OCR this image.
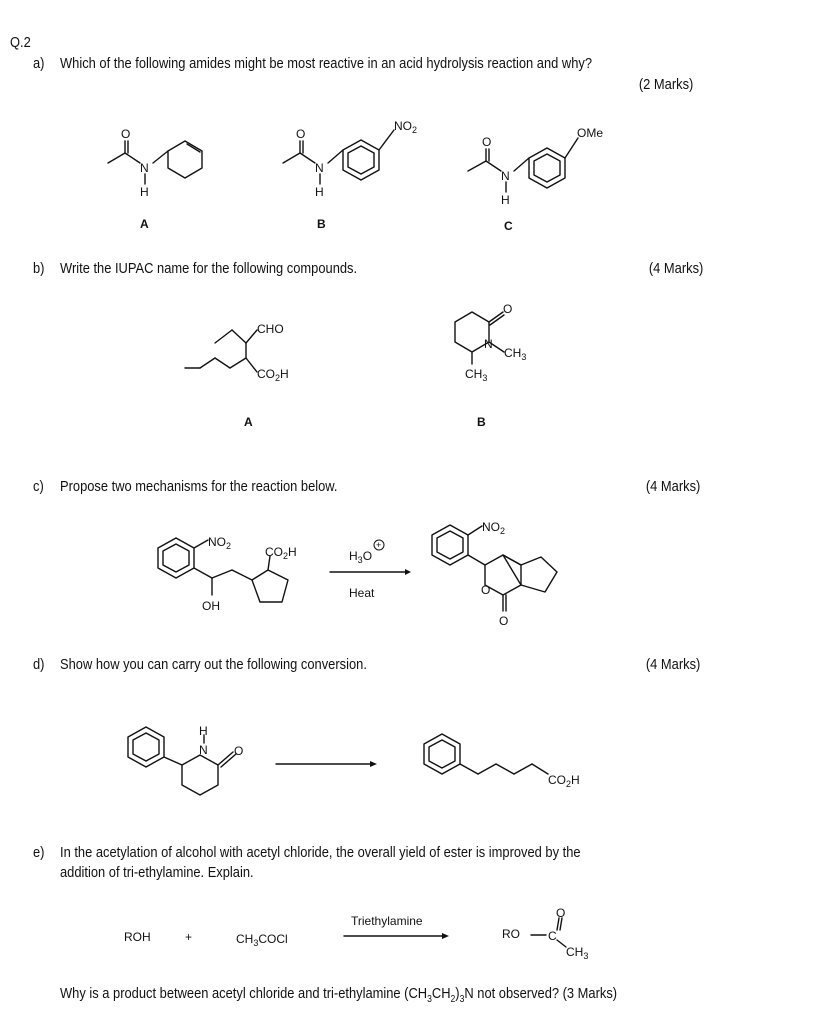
Q.2
a) Which of the following amides might be most reactive in an acid hydrolysis reaction and why?
(2 Marks)
b) Write the IUPAC name for the following compounds.	(4 Marks)
c) Propose two mechanisms for the reaction below.	(4 Marks)
d) Show how you can carry out the following conversion.	(4 Marks)
e) In the acetylation of alcohol with acetyl chloride, the overall yield of ester is improved by the
addition of tri-ethylamine. Explain.
Why is a product between acetyl chloride and tri-ethylamine $(CH_3CH_2)_3N$ not observed? (3 Marks)
O
N
H
A
O
N
H
$NO_2$
B
O
N
H
OMe
C
CHO
$CO_2H$
A
O
N
$CH_3$
$CH_3$
B
$NO_2$	$CO_2H$
OH
$H_3O$
+
Heat
$NO_2$
O
O
H
N O
$CO_2H$
ROH	+	$CH_3COCl$
Triethylamine
RO C
O
$CH_3$
